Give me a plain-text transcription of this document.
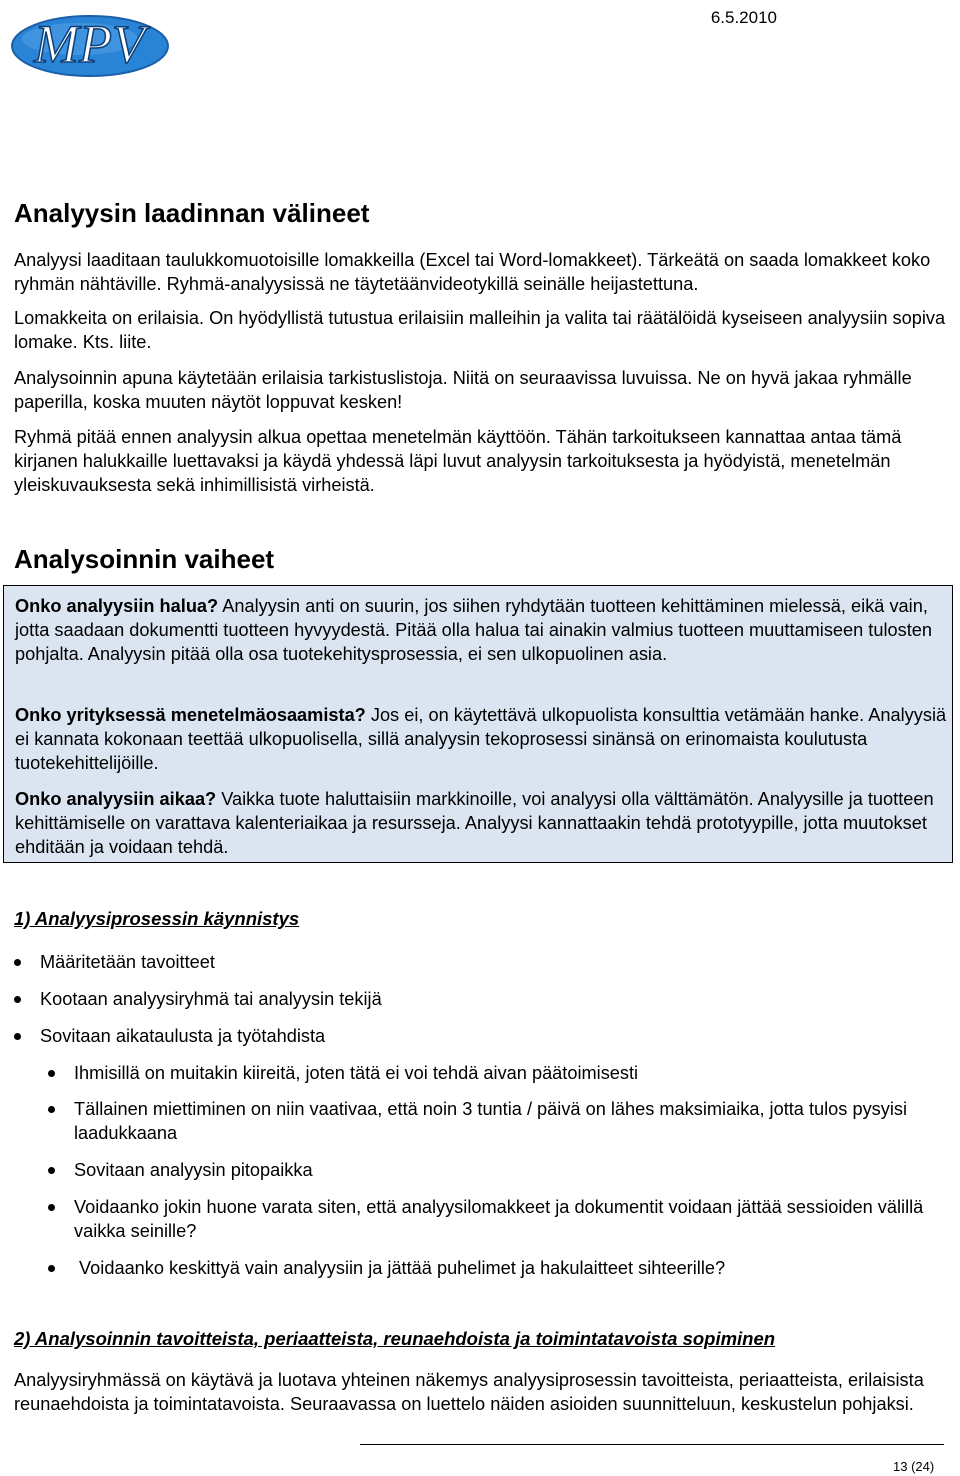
MPV	6.5.2010
Analyysin laadinnan välineet

Analyysi laaditaan taulukkomuotoisille lomakkeilla (Excel tai Word-lomakkeet). Tärkeätä on saada lomakkeet koko ryhmän nähtäville. Ryhmä-analyysissä ne täytetäänvideotykillä seinälle heijastettuna.

Lomakkeita on erilaisia. On hyödyllistä tutustua erilaisiin malleihin ja valita tai räätälöidä kyseiseen analyysiin sopiva lomake. Kts. liite.

Analysoinnin apuna käytetään erilaisia tarkistuslistoja. Niitä on seuraavissa luvuissa. Ne on hyvä jakaa ryhmälle paperilla, koska muuten näytöt loppuvat kesken!

Ryhmä pitää ennen analyysin alkua opettaa menetelmän käyttöön. Tähän tarkoitukseen kannattaa antaa tämä kirjanen halukkaille luettavaksi ja käydä yhdessä läpi luvut analyysin tarkoituksesta ja hyödyistä, menetelmän yleiskuvauksesta sekä inhimillisistä virheistä.

Analysoinnin vaiheet

Onko analyysiin halua? Analyysin anti on suurin, jos siihen ryhdytään tuotteen kehittäminen mielessä, eikä vain, jotta saadaan dokumentti tuotteen hyvyydestä. Pitää olla halua tai ainakin valmius tuotteen muuttamiseen tulosten pohjalta. Analyysin pitää olla osa tuotekehitysprosessia, ei sen ulkopuolinen asia.

Onko yrityksessä menetelmäosaamista? Jos ei, on käytettävä ulkopuolista konsulttia vetämään hanke. Analyysiä ei kannata kokonaan teettää ulkopuolisella, sillä analyysin tekoprosessi sinänsä on erinomaista koulutusta tuotekehittelijöille.

Onko analyysiin aikaa? Vaikka tuote haluttaisiin markkinoille, voi analyysi olla välttämätön. Analyysille ja tuotteen kehittämiselle on varattava kalenteriaikaa ja resursseja. Analyysi kannattaakin tehdä prototyypille, jotta muutokset ehditään ja voidaan tehdä.

1) Analyysiprosessin käynnistys
Määritetään tavoitteet
Kootaan analyysiryhmä tai analyysin tekijä
Sovitaan aikataulusta ja työtahdista
Ihmisillä on muitakin kiireitä, joten tätä ei voi tehdä aivan päätoimisesti
Tällainen miettiminen on niin vaativaa, että noin 3 tuntia / päivä on lähes maksimiaika, jotta tulos pysyisi laadukkaana
Sovitaan analyysin pitopaikka
Voidaanko jokin huone varata siten, että analyysilomakkeet ja dokumentit voidaan jättää sessioiden välillä vaikka seinille?
Voidaanko keskittyä vain analyysiin ja jättää puhelimet ja hakulaitteet sihteerille?
2) Analysoinnin tavoitteista, periaatteista, reunaehdoista ja toimintatavoista sopiminen

Analyysiryhmässä on käytävä ja luotava yhteinen näkemys analyysiprosessin tavoitteista, periaatteista, erilaisista reunaehdoista ja toimintatavoista. Seuraavassa on luettelo näiden asioiden suunnitteluun, keskustelun pohjaksi.

13 (24)
